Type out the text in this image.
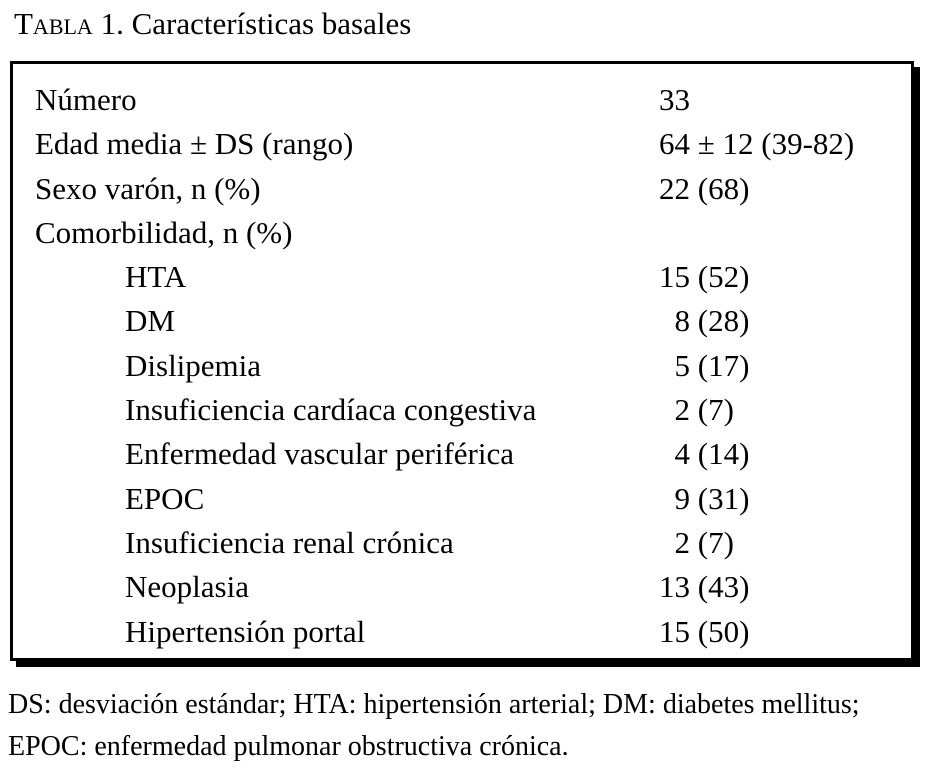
Tabla 1. Características basales
Número	33
Edad media ± DS (rango)	64 ± 12 (39-82)
Sexo varón, n (%)	22 (68)
Comorbilidad, n (%)
HTA	15 (52)
DM	8 (28)
Dislipemia	5 (17)
Insuficiencia cardíaca congestiva	2 (7)
Enfermedad vascular periférica	4 (14)
EPOC	9 (31)
Insuficiencia renal crónica	2 (7)
Neoplasia	13 (43)
Hipertensión portal	15 (50)
DS: desviación estándar; HTA: hipertensión arterial; DM: diabetes mellitus; EPOC: enfermedad pulmonar obstructiva crónica.
